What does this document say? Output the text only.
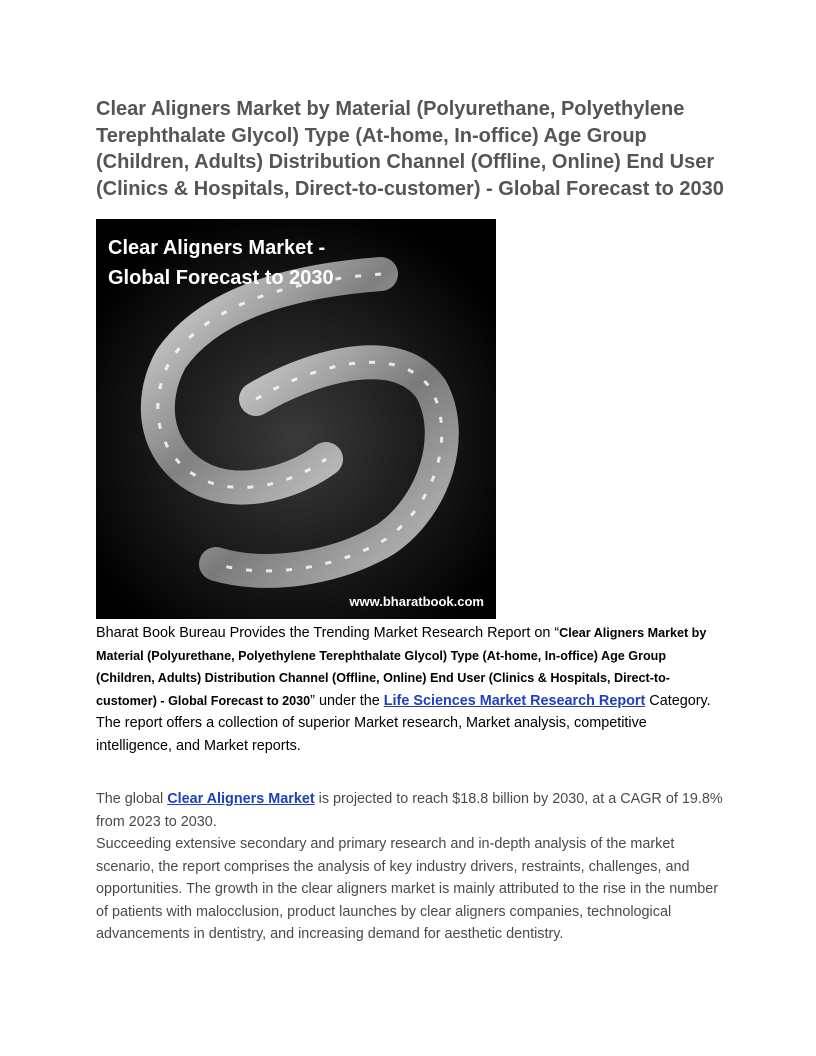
Clear Aligners Market by Material (Polyurethane, Polyethylene Terephthalate Glycol) Type (At-home, In-office) Age Group (Children, Adults) Distribution Channel (Offline, Online) End User (Clinics & Hospitals, Direct-to-customer) - Global Forecast to 2030

Clear Aligners Market -
Global Forecast to 2030

www.bharatbook.com

Bharat Book Bureau Provides the Trending Market Research Report on “Clear Aligners Market by Material (Polyurethane, Polyethylene Terephthalate Glycol) Type (At-home, In-office) Age Group (Children, Adults) Distribution Channel (Offline, Online) End User (Clinics & Hospitals, Direct-to-customer) - Global Forecast to 2030” under the Life Sciences Market Research Report Category. The report offers a collection of superior Market research, Market analysis, competitive intelligence, and Market reports.

The global Clear Aligners Market is projected to reach $18.8 billion by 2030, at a CAGR of 19.8% from 2023 to 2030.
Succeeding extensive secondary and primary research and in-depth analysis of the market scenario, the report comprises the analysis of key industry drivers, restraints, challenges, and opportunities. The growth in the clear aligners market is mainly attributed to the rise in the number of patients with malocclusion, product launches by clear aligners companies, technological advancements in dentistry, and increasing demand for aesthetic dentistry.
